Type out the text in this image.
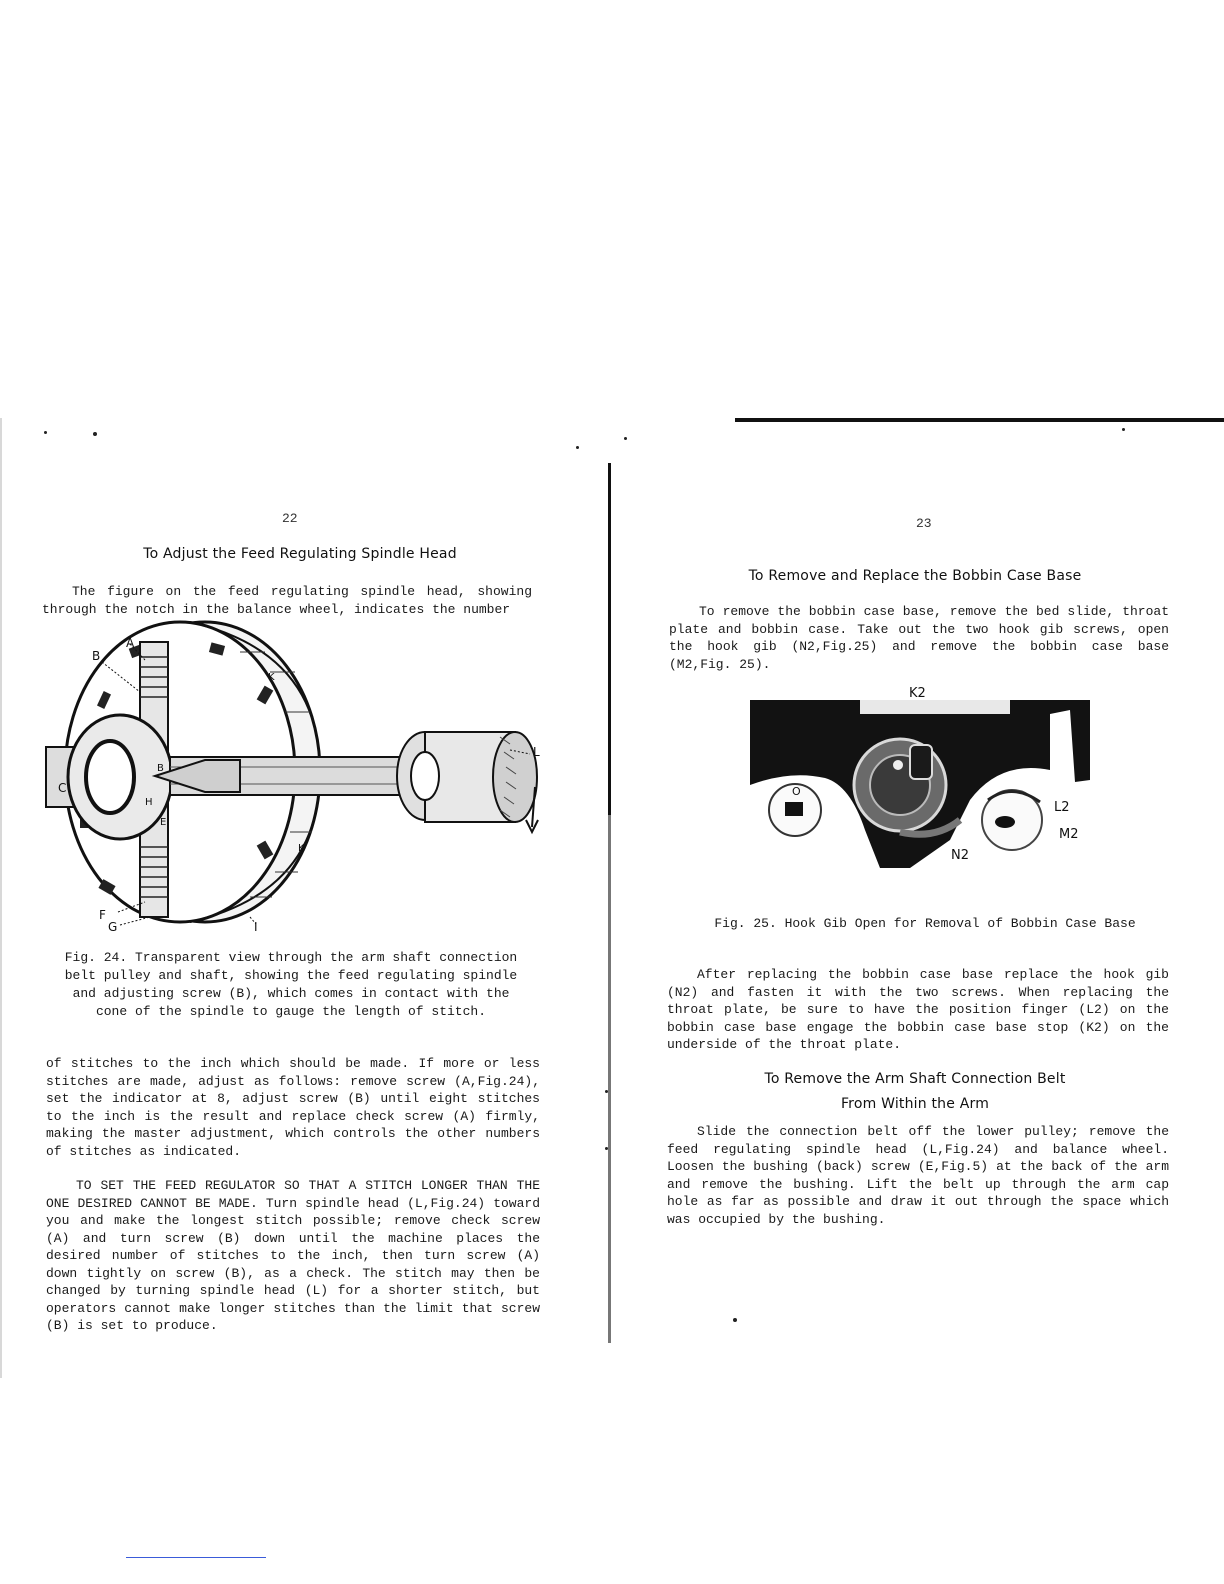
22
To Adjust the Feed Regulating Spindle Head

The figure on the feed regulating spindle head, showing through the notch in the balance wheel, indicates the number

A
B
B
C
E
H
K
K
L
F
G	I

Fig. 24. Transparent view through the arm shaft connection belt pulley and shaft, showing the feed regulating spindle and adjusting screw (B), which comes in contact with the cone of the spindle to gauge the length of stitch.

of stitches to the inch which should be made. If more or less stitches are made, adjust as follows: remove screw (A,Fig.24), set the indicator at 8, adjust screw (B) until eight stitches to the inch is the result and replace check screw (A) firmly, making the master adjustment, which controls the other numbers of stitches as indicated.

TO SET THE FEED REGULATOR SO THAT A STITCH LONGER THAN THE ONE DESIRED CANNOT BE MADE. Turn spindle head (L,Fig.24) toward you and make the longest stitch possible; remove check screw (A) and turn screw (B) down until the machine places the desired number of stitches to the inch, then turn screw (A) down tightly on screw (B), as a check. The stitch may then be changed by turning spindle head (L) for a shorter stitch, but operators cannot make longer stitches than the limit that screw (B) is set to produce.

23
To Remove and Replace the Bobbin Case Base

To remove the bobbin case base, remove the bed slide, throat plate and bobbin case. Take out the two hook gib screws, open the hook gib (N2,Fig.25) and remove the bobbin case base (M2,Fig. 25).

K2
O
L2
M2
N2

Fig. 25. Hook Gib Open for Removal of Bobbin Case Base

After replacing the bobbin case base replace the hook gib (N2) and fasten it with the two screws. When replacing the throat plate, be sure to have the position finger (L2) on the bobbin case base engage the bobbin case base stop (K2) on the underside of the throat plate.

To Remove the Arm Shaft Connection Belt
From Within the Arm

Slide the connection belt off the lower pulley; remove the feed regulating spindle head (L,Fig.24) and balance wheel. Loosen the bushing (back) screw (E,Fig.5) at the back of the arm and remove the bushing. Lift the belt up through the arm cap hole as far as possible and draw it out through the space which was occupied by the bushing.
